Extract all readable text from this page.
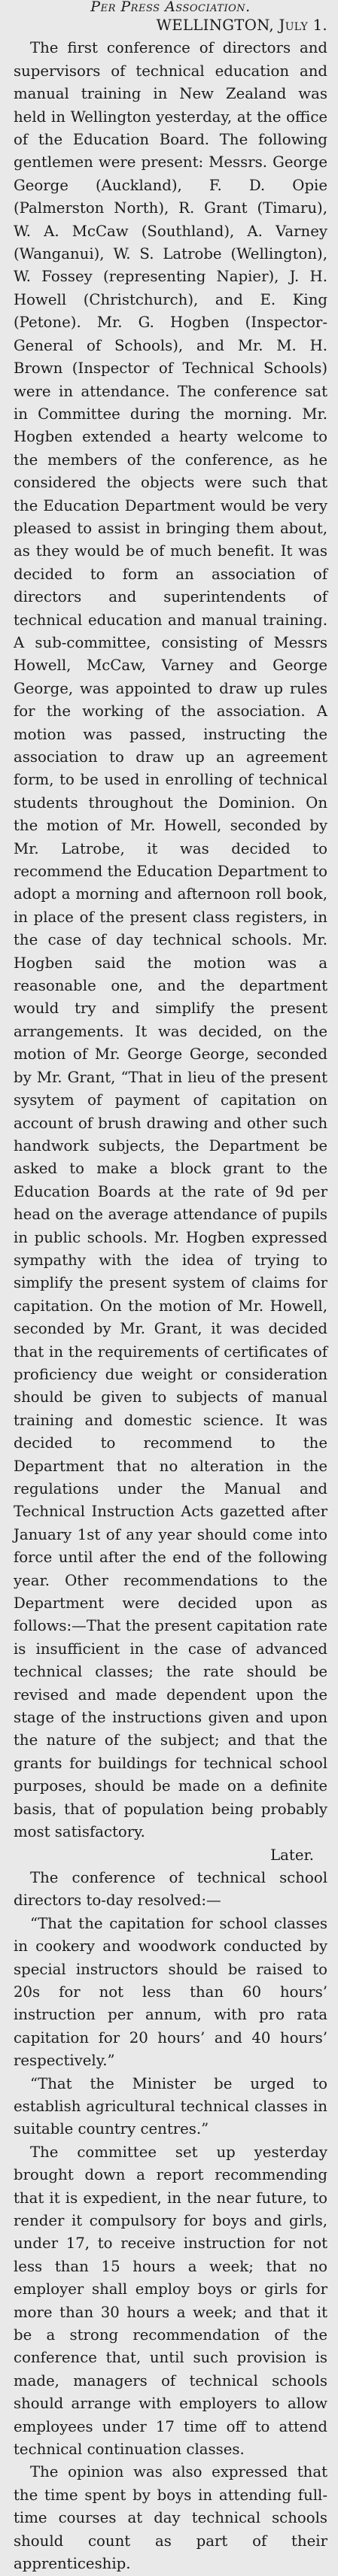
Per Press Association.

WELLINGTON, July 1.

The first conference of directors and supervisors of technical education and manual training in New Zealand was held in Wellington yesterday, at the office of the Education Board. The following gentlemen were present: Messrs. George George (Auckland), F. D. Opie (Palmerston North), R. Grant (Timaru), W. A. McCaw (Southland), A. Varney (Wanganui), W. S. Latrobe (Wellington), W. Fossey (representing Napier), J. H. Howell (Christchurch), and E. King (Petone). Mr. G. Hogben (Inspector-General of Schools), and Mr. M. H. Brown (Inspector of Technical Schools) were in attendance. The conference sat in Committee during the morning. Mr. Hogben extended a hearty welcome to the members of the conference, as he considered the objects were such that the Education Department would be very pleased to assist in bringing them about, as they would be of much benefit. It was decided to form an association of directors and superintendents of technical education and manual training. A sub-committee, consisting of Messrs Howell, McCaw, Varney and George George, was appointed to draw up rules for the working of the association. A motion was passed, instructing the association to draw up an agreement form, to be used in enrolling of technical students throughout the Dominion. On the motion of Mr. Howell, seconded by Mr. Latrobe, it was decided to recommend the Education Department to adopt a morning and afternoon roll book, in place of the present class registers, in the case of day technical schools. Mr. Hogben said the motion was a reasonable one, and the department would try and simplify the present arrangements. It was decided, on the motion of Mr. George George, seconded by Mr. Grant, “That in lieu of the present sysytem of payment of capitation on account of brush drawing and other such handwork subjects, the Department be asked to make a block grant to the Education Boards at the rate of 9d per head on the average attendance of pupils in public schools. Mr. Hogben expressed sympathy with the idea of trying to simplify the present system of claims for capitation. On the motion of Mr. Howell, seconded by Mr. Grant, it was decided that in the requirements of certificates of proficiency due weight or consideration should be given to subjects of manual training and domestic science. It was decided to recommend to the Department that no alteration in the regulations under the Manual and Technical Instruction Acts gazetted after January 1st of any year should come into force until after the end of the following year. Other recommendations to the Department were decided upon as follows:—That the present capitation rate is insufficient in the case of advanced technical classes; the rate should be revised and made dependent upon the stage of the instructions given and upon the nature of the subject; and that the grants for buildings for technical school purposes, should be made on a definite basis, that of population being probably most satisfactory.

Later.

The conference of technical school directors to-day resolved:—

“That the capitation for school classes in cookery and woodwork conducted by special instructors should be raised to 20s for not less than 60 hours’ instruction per annum, with pro rata capitation for 20 hours’ and 40 hours’ respectively.”

“That the Minister be urged to establish agricultural technical classes in suitable country centres.”

The committee set up yesterday brought down a report recommending that it is expedient, in the near future, to render it compulsory for boys and girls, under 17, to receive instruction for not less than 15 hours a week; that no employer shall employ boys or girls for more than 30 hours a week; and that it be a strong recommendation of the conference that, until such provision is made, managers of technical schools should arrange with employers to allow employees under 17 time off to attend technical continuation classes.

The opinion was also expressed that the time spent by boys in attending full-time courses at day technical schools should count as part of their apprenticeship.
